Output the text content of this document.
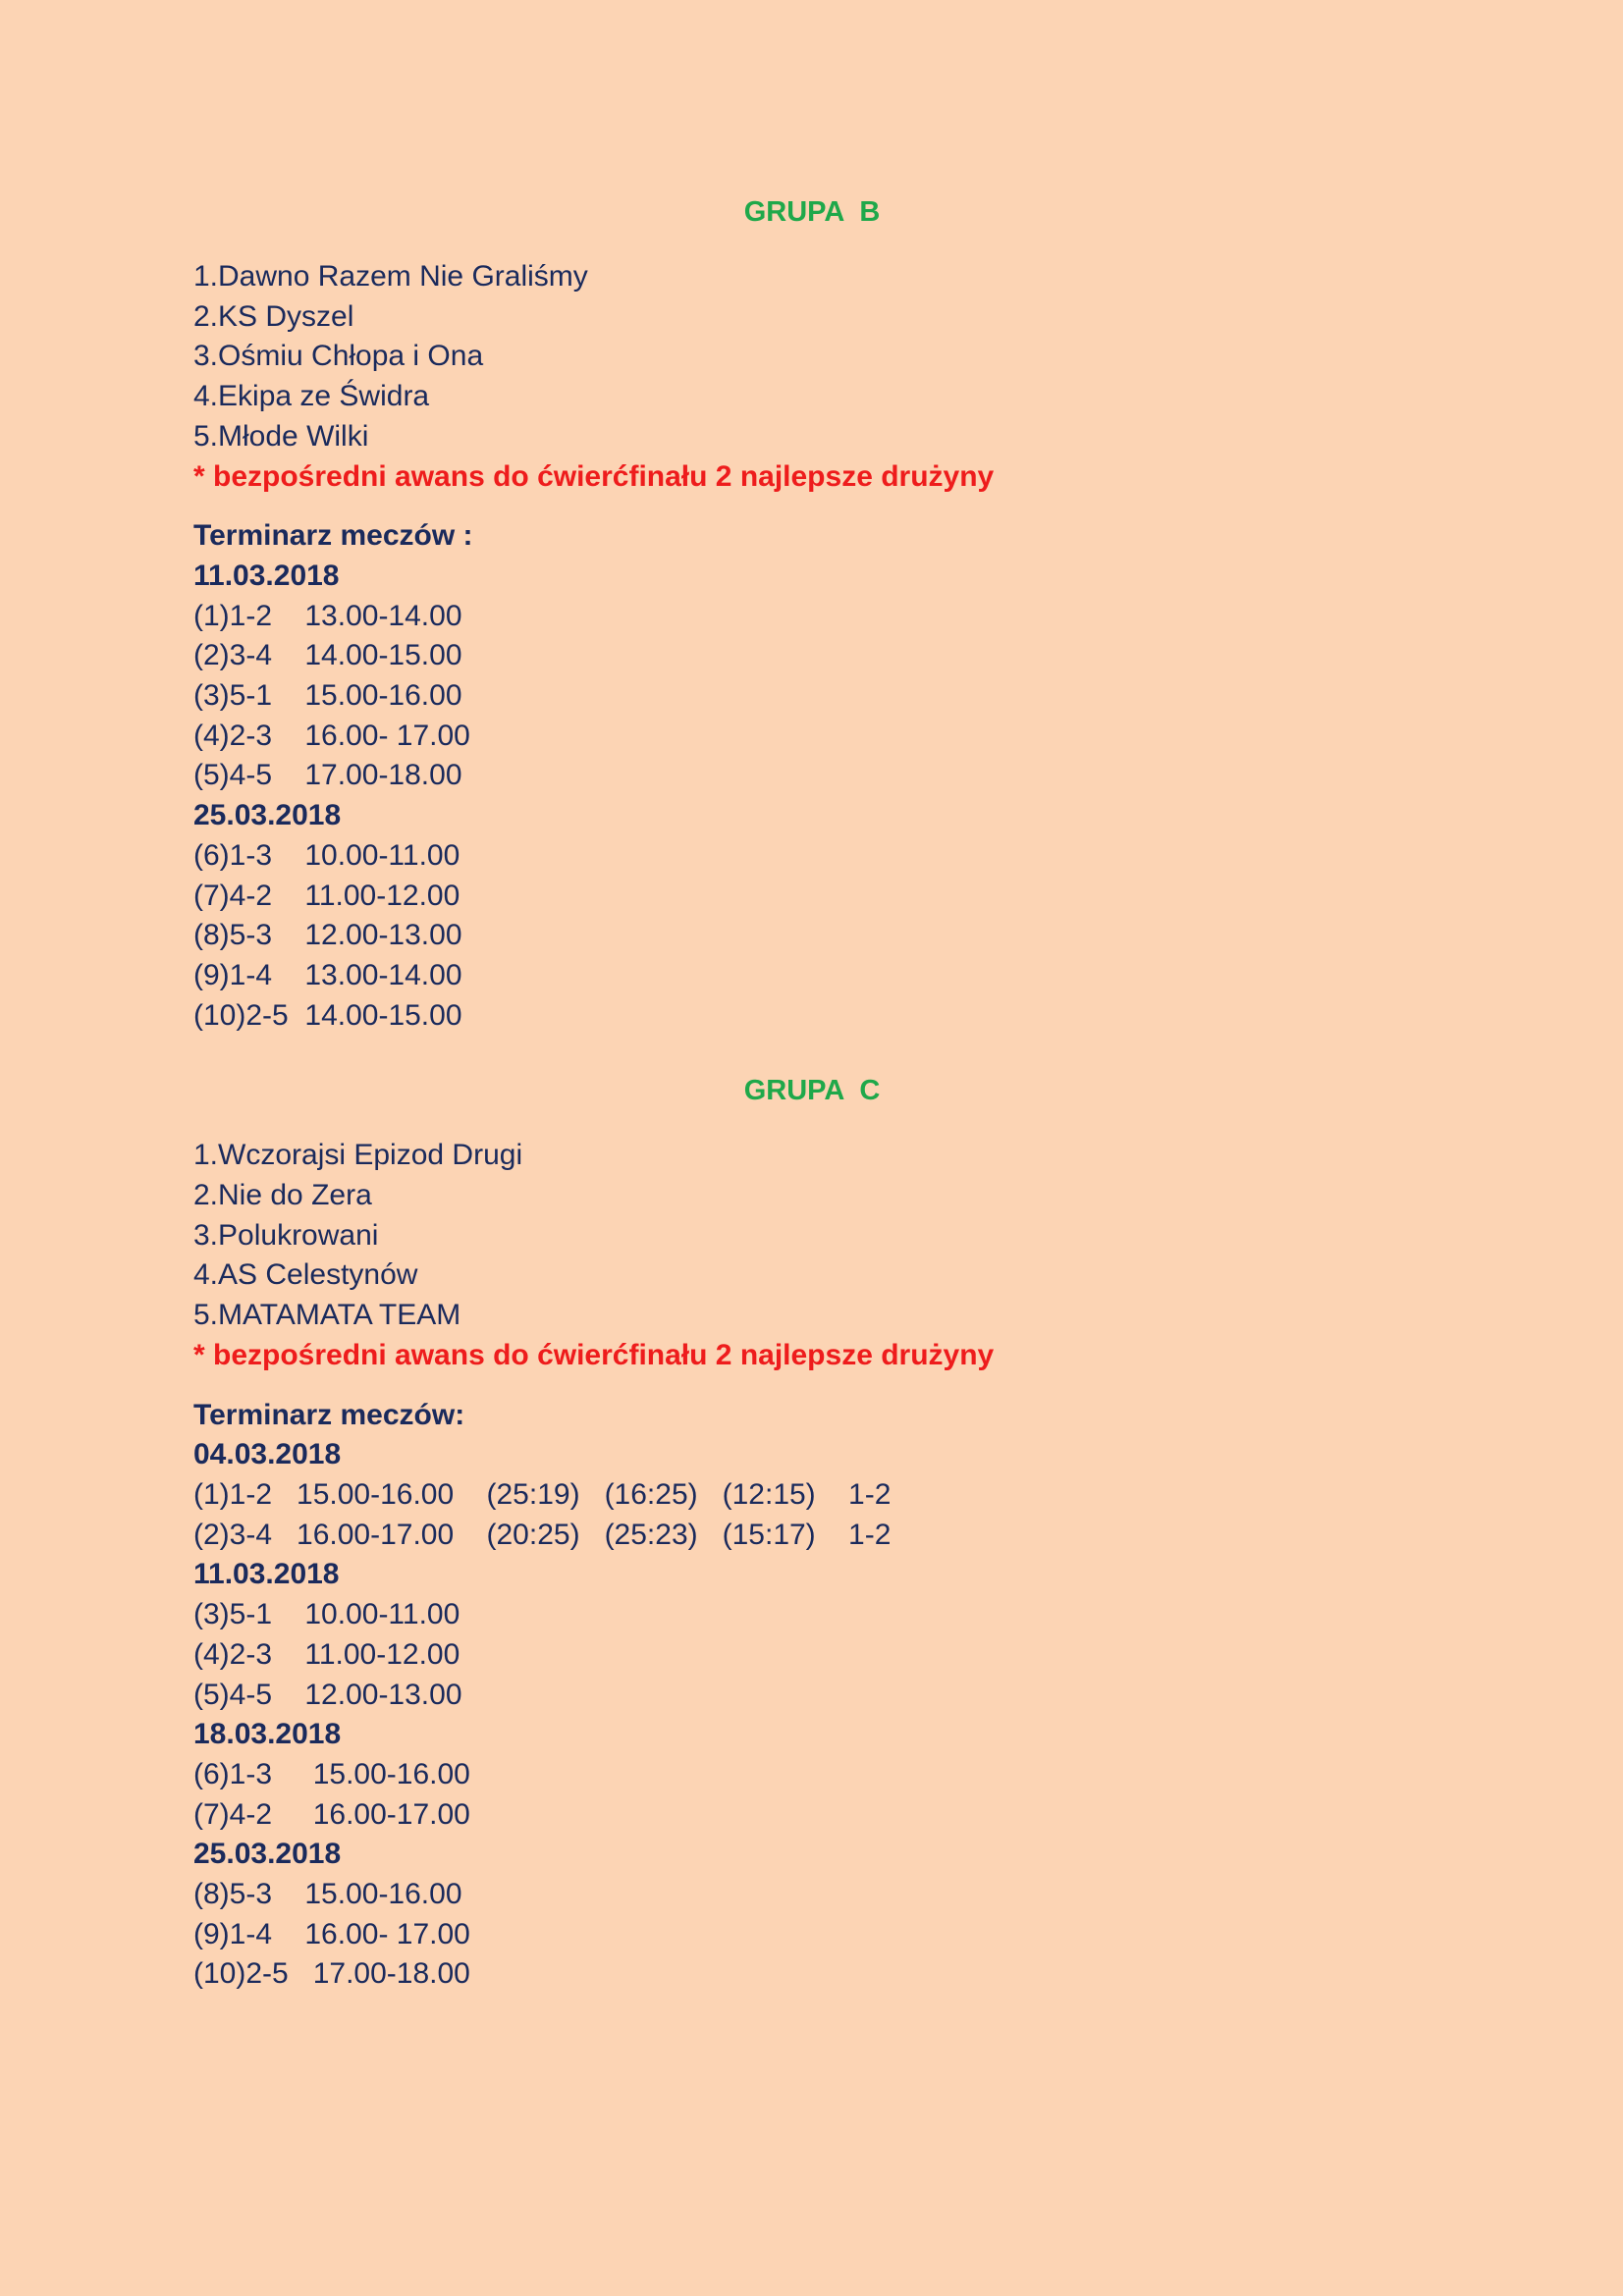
GRUPA  B
1.Dawno Razem Nie Graliśmy
2.KS Dyszel
3.Ośmiu Chłopa i Ona
4.Ekipa ze Świdra
5.Młode Wilki
* bezpośredni awans do ćwierćfinału 2 najlepsze drużyny
Terminarz meczów :
11.03.2018
(1)1-2    13.00-14.00
(2)3-4    14.00-15.00
(3)5-1    15.00-16.00
(4)2-3    16.00- 17.00
(5)4-5    17.00-18.00
25.03.2018
(6)1-3    10.00-11.00
(7)4-2    11.00-12.00
(8)5-3    12.00-13.00
(9)1-4    13.00-14.00
(10)2-5  14.00-15.00
GRUPA  C
1.Wczorajsi Epizod Drugi
2.Nie do Zera
3.Polukrowani
4.AS Celestynów
5.MATAMATA TEAM
* bezpośredni awans do ćwierćfinału 2 najlepsze drużyny
Terminarz meczów:
04.03.2018
(1)1-2   15.00-16.00    (25:19)   (16:25)   (12:15)    1-2
(2)3-4   16.00-17.00    (20:25)   (25:23)   (15:17)    1-2
11.03.2018
(3)5-1    10.00-11.00
(4)2-3    11.00-12.00
(5)4-5    12.00-13.00
18.03.2018
(6)1-3     15.00-16.00
(7)4-2     16.00-17.00
25.03.2018
(8)5-3    15.00-16.00
(9)1-4    16.00- 17.00
(10)2-5   17.00-18.00
